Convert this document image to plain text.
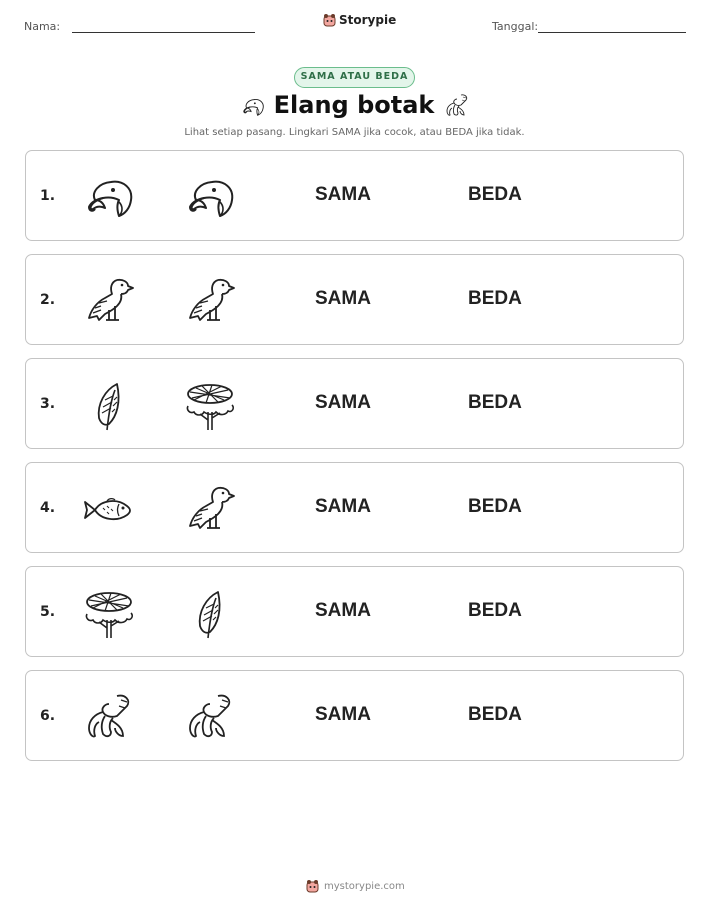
Nama:	Storypie	Tanggal:
SAMA ATAU BEDA
Elang botak
Lihat setiap pasang. Lingkari SAMA jika cocok, atau BEDA jika tidak.
1.	SAMA	BEDA
2.	SAMA	BEDA
3.	SAMA	BEDA
4.	SAMA	BEDA
5.	SAMA	BEDA
6.	SAMA	BEDA
mystorypie.com
